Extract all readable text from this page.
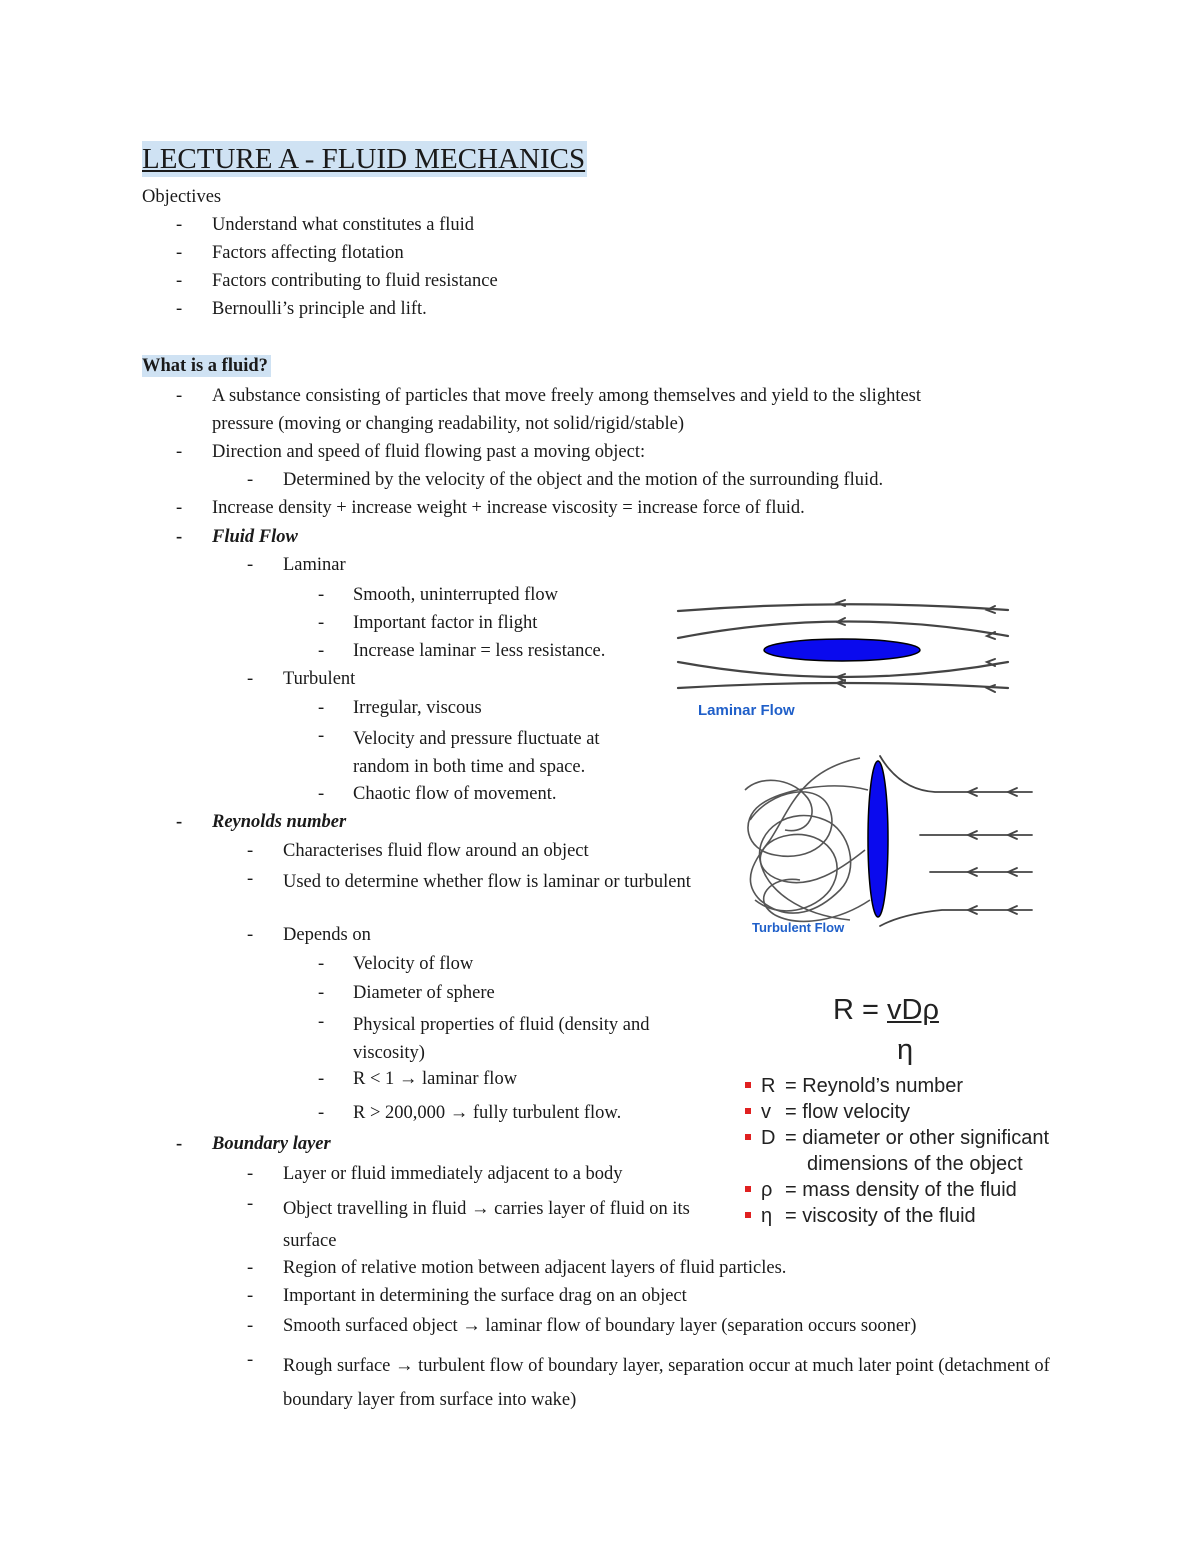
LECTURE A - FLUID MECHANICS
Objectives
- Understand what constitutes a fluid
- Factors affecting flotation
- Factors contributing to fluid resistance
- Bernoulli’s principle and lift.
What is a fluid?
- A substance consisting of particles that move freely among themselves and yield to the slightest
pressure (moving or changing readability, not solid/rigid/stable)
- Direction and speed of fluid flowing past a moving object:
- Determined by the velocity of the object and the motion of the surrounding fluid.
- Increase density + increase weight + increase viscosity = increase force of fluid.
- Fluid Flow
- Laminar
- Smooth, uninterrupted flow
- Important factor in flight
- Increase laminar = less resistance.
- Turbulent
- Irregular, viscous
- Velocity and pressure fluctuate at random in both time and space.
- Chaotic flow of movement.
- Reynolds number
- Characterises fluid flow around an object
- Used to determine whether flow is laminar or turbulent
- Depends on
- Velocity of flow
- Diameter of sphere
- Physical properties of fluid (density and viscosity)
- R < 1 → laminar flow
- R > 200,000 → fully turbulent flow.
- Boundary layer
- Layer or fluid immediately adjacent to a body
- Object travelling in fluid → carries layer of fluid on its surface
- Region of relative motion between adjacent layers of fluid particles.
- Important in determining the surface drag on an object
- Smooth surfaced object → laminar flow of boundary layer (separation occurs sooner)
- Rough surface → turbulent flow of boundary layer, separation occur at much later point (detachment of boundary layer from surface into wake)
Laminar Flow
Turbulent Flow
R = vDρ
η
R = Reynold’s number
v = flow velocity
D = diameter or other significant
dimensions of the object
ρ = mass density of the fluid
η = viscosity of the fluid
